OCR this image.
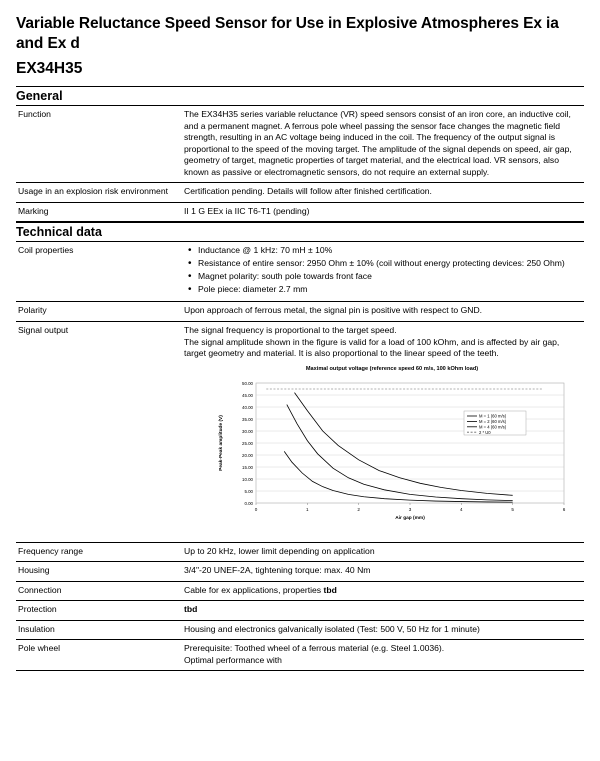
Variable Reluctance Speed Sensor for Use in Explosive Atmospheres Ex ia and Ex d
EX34H35
General
Function	The EX34H35 series variable reluctance (VR) speed sensors consist of an iron core, an inductive coil, and a permanent magnet. A ferrous pole wheel passing the sensor face changes the magnetic field strength, resulting in an AC voltage being induced in the coil. The frequency of the output signal is proportional to the speed of the moving target. The amplitude of the signal depends on speed, air gap, geometry of target, magnetic properties of target material, and the electrical load. VR sensors, also known as passive or electromagnetic sensors, do not require an external supply.
Usage in an explosion risk environment	Certification pending. Details will follow after finished certification.
Marking	II 1 G EEx ia IIC T6-T1 (pending)
Technical data
Coil properties	
•Inductance @ 1 kHz: 70 mH ± 10%
• Resistance of entire sensor: 2950 Ohm ± 10% (coil without energy protecting devices: 250 Ohm)
• Magnet polarity: south pole towards front face
• Pole piece: diameter 2.7 mm

Polarity	Upon approach of ferrous metal, the signal pin is positive with respect to GND.
Signal output	The signal frequency is proportional to the target speed.
The signal amplitude shown in the figure is valid for a load of 100 kOhm, and is affected by air gap, target geometry and material. It is also proportional to the linear speed of the teeth.
Maximal output voltage (reference speed 60 m/s, 100 kOhm load)
0.00
5.00
10.00
15.00
20.00
25.00
30.00
35.00
40.00
45.00
50.00
0	1	2	3	4	5	6
Air gap (mm)
Peak-Peak amplitude (V)	M = 1 (60 m/s)
M = 2 (60 m/s)
M = 4 (60 m/s)
2 * U0

Frequency range	Up to 20 kHz, lower limit depending on application
Housing	3/4"-20 UNEF-2A, tightening torque: max. 40 Nm
Connection	Cable for ex applications, properties tbd
Protection	tbd
Insulation	Housing and electronics galvanically isolated (Test: 500 V, 50 Hz for 1 minute)
Pole wheel	Prerequisite: Toothed wheel of a ferrous material (e.g. Steel 1.0036).
Optimal performance with
